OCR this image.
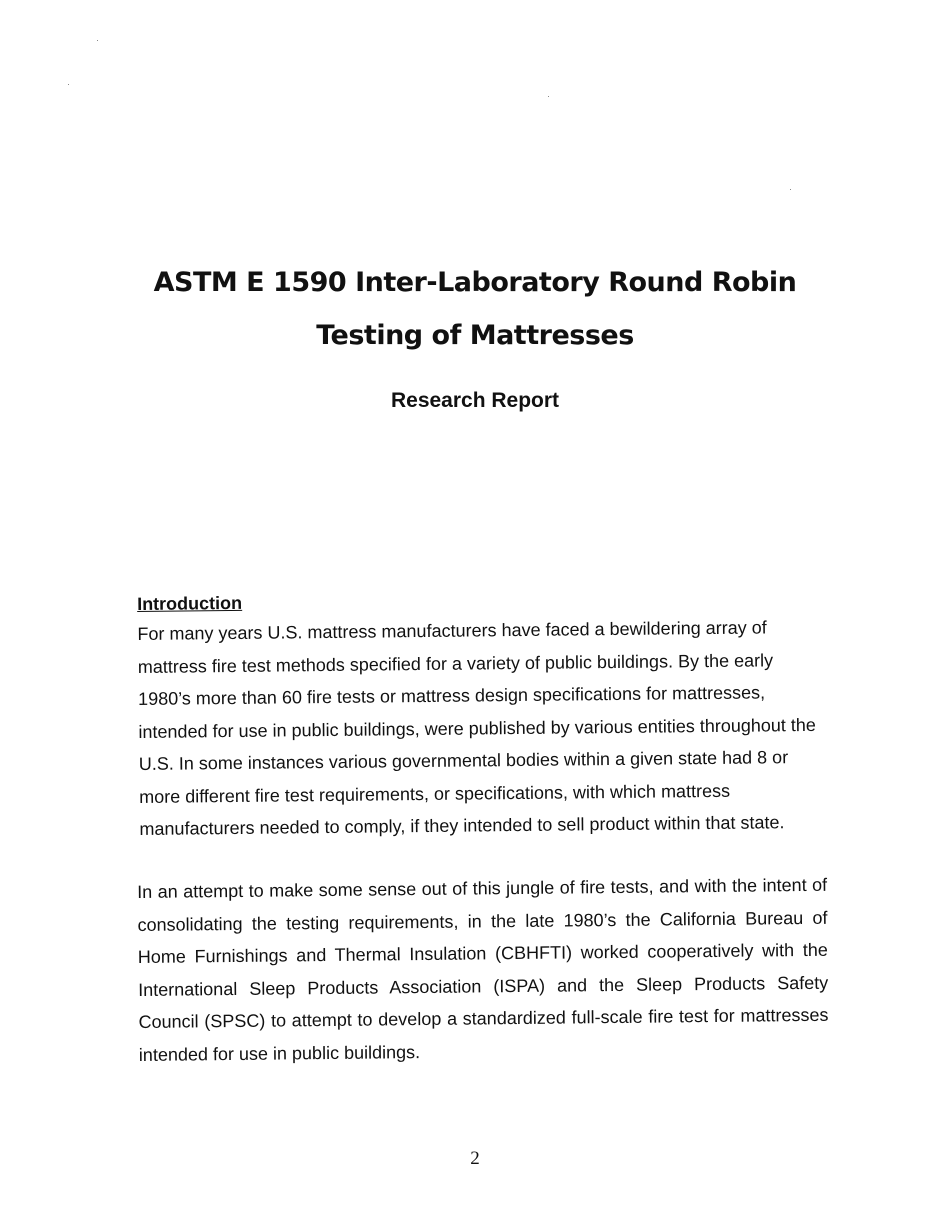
ASTM E 1590 Inter-Laboratory Round Robin

Testing of Mattresses

Research Report

Introduction

For many years U.S. mattress manufacturers have faced a bewildering array of mattress fire test methods specified for a variety of public buildings. By the early 1980’s more than 60 fire tests or mattress design specifications for mattresses, intended for use in public buildings, were published by various entities throughout the U.S. In some instances various governmental bodies within a given state had 8 or more different fire test requirements, or specifications, with which mattress manufacturers needed to comply, if they intended to sell product within that state.

In an attempt to make some sense out of this jungle of fire tests, and with the intent of consolidating the testing requirements, in the late 1980’s the California Bureau of Home Furnishings and Thermal Insulation (CBHFTI) worked cooperatively with the International Sleep Products Association (ISPA) and the Sleep Products Safety Council (SPSC) to attempt to develop a standardized full-scale fire test for mattresses intended for use in public buildings.

2
